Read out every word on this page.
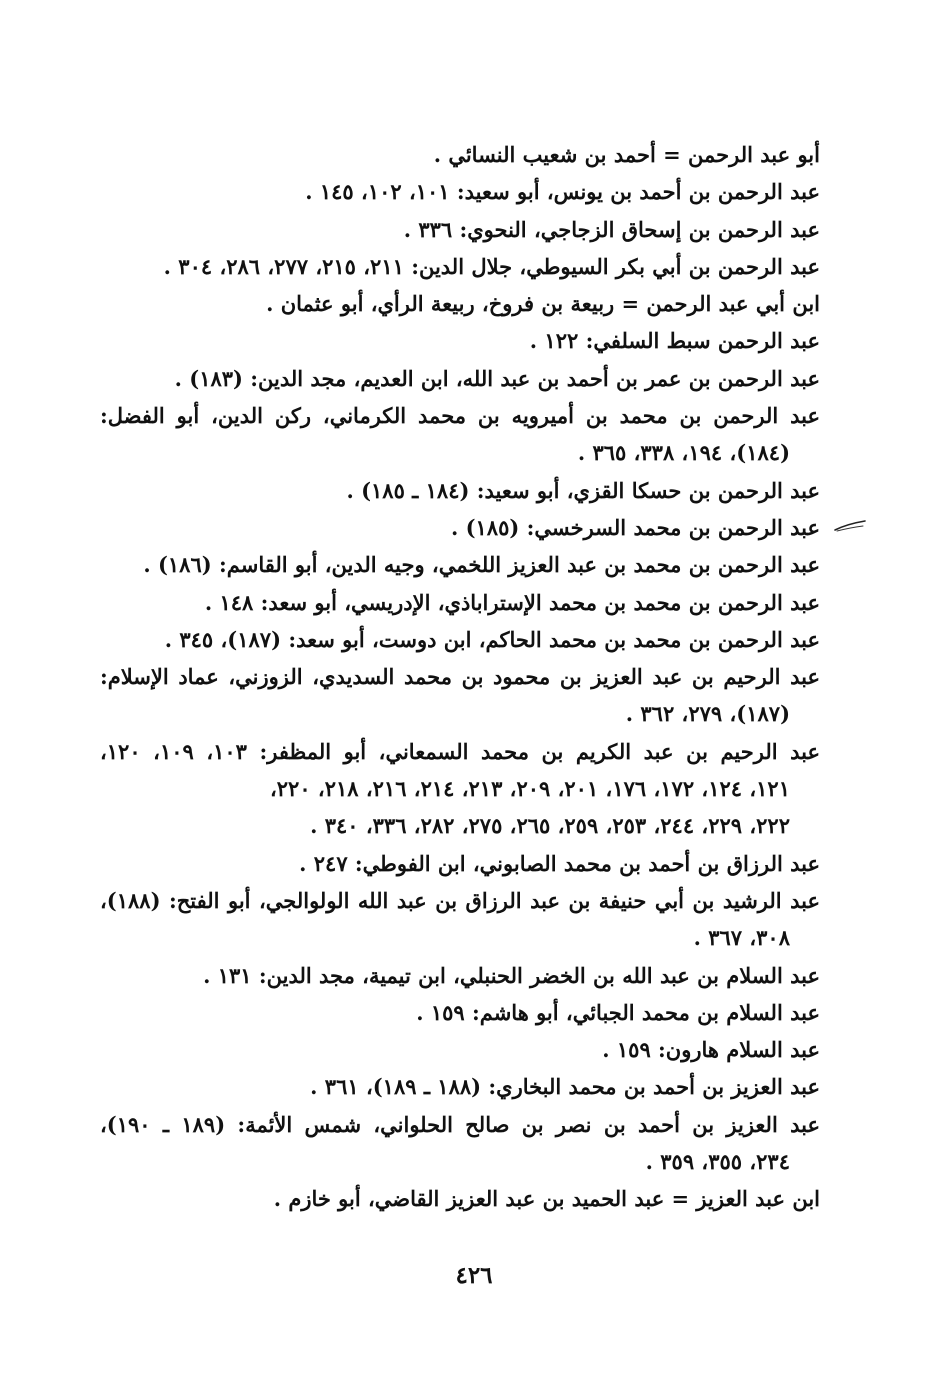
أبو عبد الرحمن = أحمد بن شعيب النسائي .
عبد الرحمن بن أحمد بن يونس، أبو سعيد: ١٠١، ١٠٢، ١٤٥ .
عبد الرحمن بن إسحاق الزجاجي، النحوي: ٣٣٦ .
عبد الرحمن بن أبي بكر السيوطي، جلال الدين: ٢١١، ٢١٥، ٢٧٧، ٢٨٦، ٣٠٤ .
ابن أبي عبد الرحمن = ربيعة بن فروخ، ربيعة الرأي، أبو عثمان .
عبد الرحمن سبط السلفي: ١٢٢ .
عبد الرحمن بن عمر بن أحمد بن عبد الله، ابن العديم، مجد الدين: (١٨٣) .
عبد الرحمن بن محمد بن أميرويه بن محمد الكرماني، ركن الدين، أبو الفضل:
(١٨٤)، ١٩٤، ٣٣٨، ٣٦٥ .
عبد الرحمن بن حسكا القزي، أبو سعيد: (١٨٤ ـ ١٨٥) .
عبد الرحمن بن محمد السرخسي: (١٨٥) .
عبد الرحمن بن محمد بن عبد العزيز اللخمي، وجيه الدين، أبو القاسم: (١٨٦) .
عبد الرحمن بن محمد بن محمد الإستراباذي، الإدريسي، أبو سعد: ١٤٨ .
عبد الرحمن بن محمد بن محمد الحاكم، ابن دوست، أبو سعد: (١٨٧)، ٣٤٥ .
عبد الرحيم بن عبد العزيز بن محمود بن محمد السديدي، الزوزني، عماد الإسلام:
(١٨٧)، ٢٧٩، ٣٦٢ .
عبد الرحيم بن عبد الكريم بن محمد السمعاني، أبو المظفر: ١٠٣، ١٠٩، ١٢٠،
١٢١، ١٢٤، ١٧٢، ١٧٦، ٢٠١، ٢٠٩، ٢١٣، ٢١٤، ٢١٦، ٢١٨، ٢٢٠،
٢٢٢، ٢٢٩، ٢٤٤، ٢٥٣، ٢٥٩، ٢٦٥، ٢٧٥، ٢٨٢، ٣٣٦، ٣٤٠ .
عبد الرزاق بن أحمد بن محمد الصابوني، ابن الفوطي: ٢٤٧ .
عبد الرشيد بن أبي حنيفة بن عبد الرزاق بن عبد الله الولوالجي، أبو الفتح: (١٨٨)،
٣٠٨، ٣٦٧ .
عبد السلام بن عبد الله بن الخضر الحنبلي، ابن تيمية، مجد الدين: ١٣١ .
عبد السلام بن محمد الجبائي، أبو هاشم: ١٥٩ .
عبد السلام هارون: ١٥٩ .
عبد العزيز بن أحمد بن محمد البخاري: (١٨٨ ـ ١٨٩)، ٣٦١ .
عبد العزيز بن أحمد بن نصر بن صالح الحلواني، شمس الأئمة: (١٨٩ ـ ١٩٠)،
٢٣٤، ٣٥٥، ٣٥٩ .
ابن عبد العزيز = عبد الحميد بن عبد العزيز القاضي، أبو خازم .
٤٢٦
